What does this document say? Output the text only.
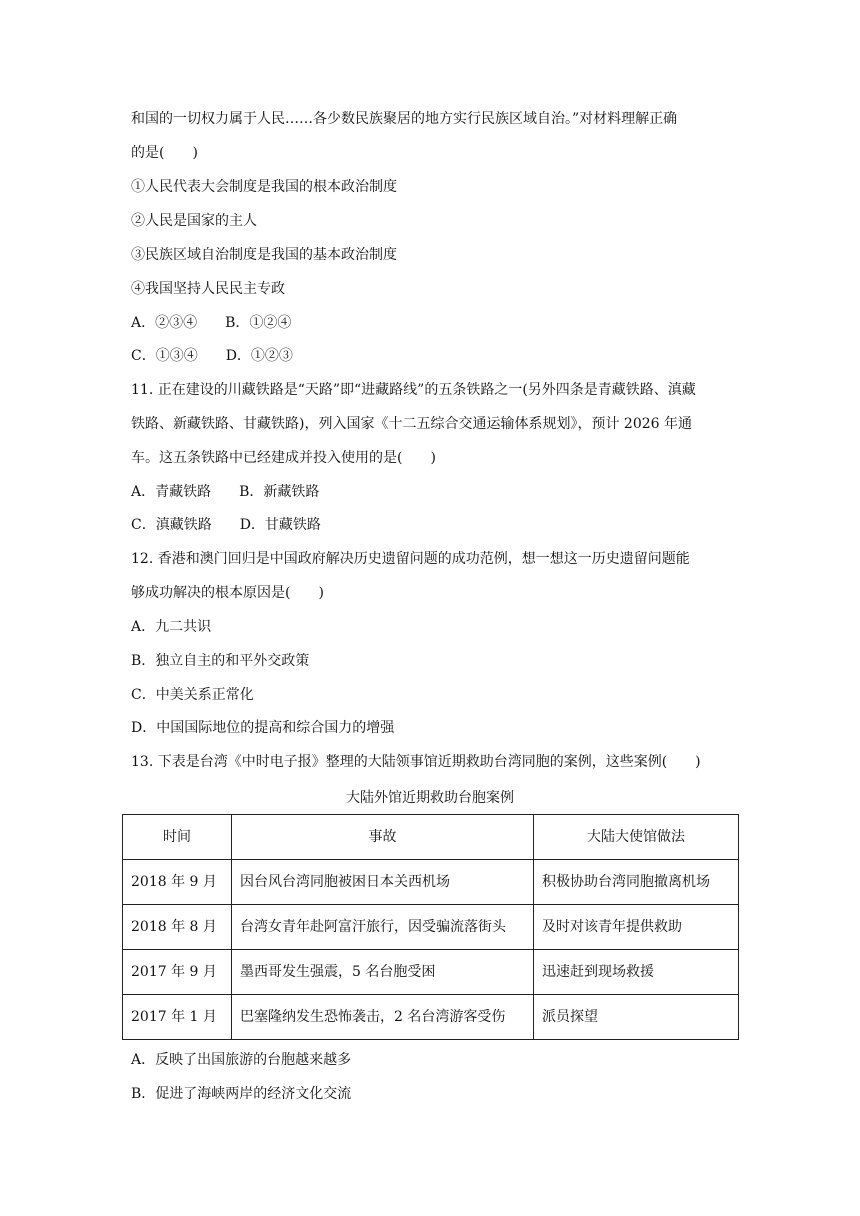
和国的一切权力属于人民……各少数民族聚居的地方实行民族区域自治。”对材料理解正确
的是(　　)
①人民代表大会制度是我国的根本政治制度
②人民是国家的主人
③民族区域自治制度是我国的基本政治制度
④我国坚持人民民主专政
A．②③④　　B．①②④
C．①③④　　D．①②③
11. 正在建设的川藏铁路是“天路”即“进藏路线”的五条铁路之一(另外四条是青藏铁路、滇藏
铁路、新藏铁路、甘藏铁路)，列入国家《十二五综合交通运输体系规划》，预计 2026 年通
车。这五条铁路中已经建成并投入使用的是(　　)
A．青藏铁路　　B．新藏铁路
C．滇藏铁路　　D．甘藏铁路
12. 香港和澳门回归是中国政府解决历史遗留问题的成功范例，想一想这一历史遗留问题能
够成功解决的根本原因是(　　)
A．九二共识
B．独立自主的和平外交政策
C．中美关系正常化
D．中国国际地位的提高和综合国力的增强
13. 下表是台湾《中时电子报》整理的大陆领事馆近期救助台湾同胞的案例，这些案例(　　)
大陆外馆近期救助台胞案例
时间	事故	大陆大使馆做法
2018 年 9 月	因台风台湾同胞被困日本关西机场	积极协助台湾同胞撤离机场
2018 年 8 月	台湾女青年赴阿富汗旅行，因受骗流落街头	及时对该青年提供救助
2017 年 9 月	墨西哥发生强震，5 名台胞受困	迅速赶到现场救援
2017 年 1 月	巴塞隆纳发生恐怖袭击，2 名台湾游客受伤	派员探望
A．反映了出国旅游的台胞越来越多
B．促进了海峡两岸的经济文化交流
